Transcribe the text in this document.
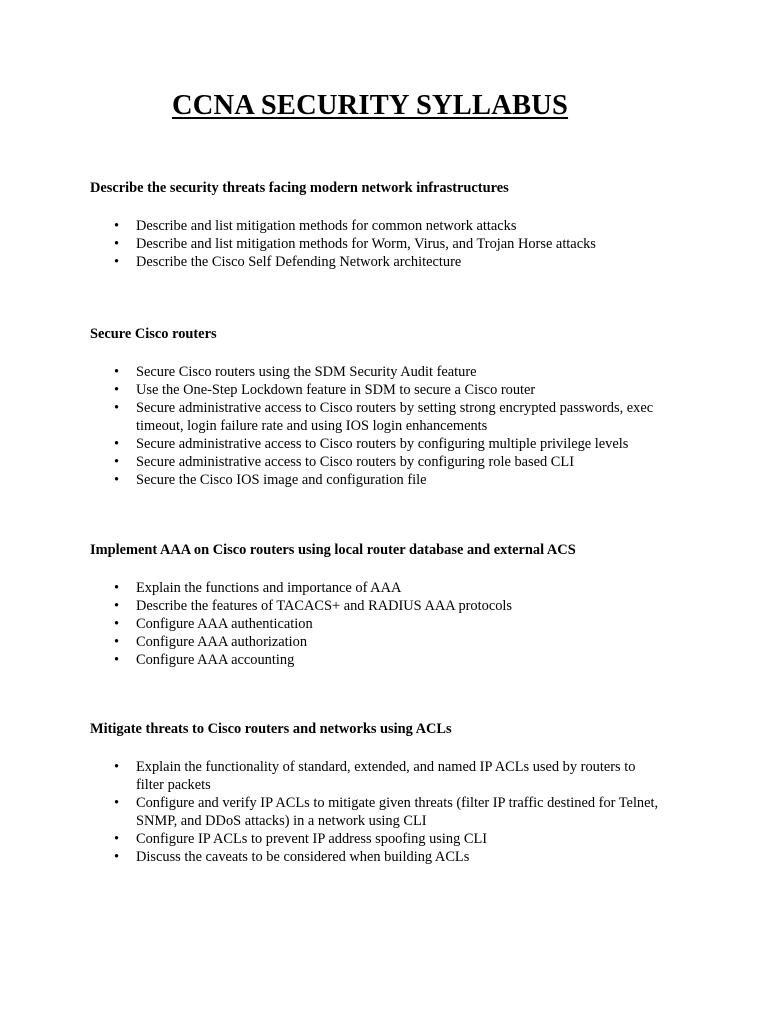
CCNA SECURITY SYLLABUS
Describe the security threats facing modern network infrastructures
• Describe and list mitigation methods for common network attacks
• Describe and list mitigation methods for Worm, Virus, and Trojan Horse attacks
• Describe the Cisco Self Defending Network architecture
Secure Cisco routers
• Secure Cisco routers using the SDM Security Audit feature
• Use the One-Step Lockdown feature in SDM to secure a Cisco router
• Secure administrative access to Cisco routers by setting strong encrypted passwords, exec timeout, login failure rate and using IOS login enhancements
• Secure administrative access to Cisco routers by configuring multiple privilege levels
• Secure administrative access to Cisco routers by configuring role based CLI
• Secure the Cisco IOS image and configuration file
Implement AAA on Cisco routers using local router database and external ACS
• Explain the functions and importance of AAA
• Describe the features of TACACS+ and RADIUS AAA protocols
• Configure AAA authentication
• Configure AAA authorization
• Configure AAA accounting
Mitigate threats to Cisco routers and networks using ACLs
• Explain the functionality of standard, extended, and named IP ACLs used by routers to filter packets
• Configure and verify IP ACLs to mitigate given threats (filter IP traffic destined for Telnet, SNMP, and DDoS attacks) in a network using CLI
• Configure IP ACLs to prevent IP address spoofing using CLI
• Discuss the caveats to be considered when building ACLs
